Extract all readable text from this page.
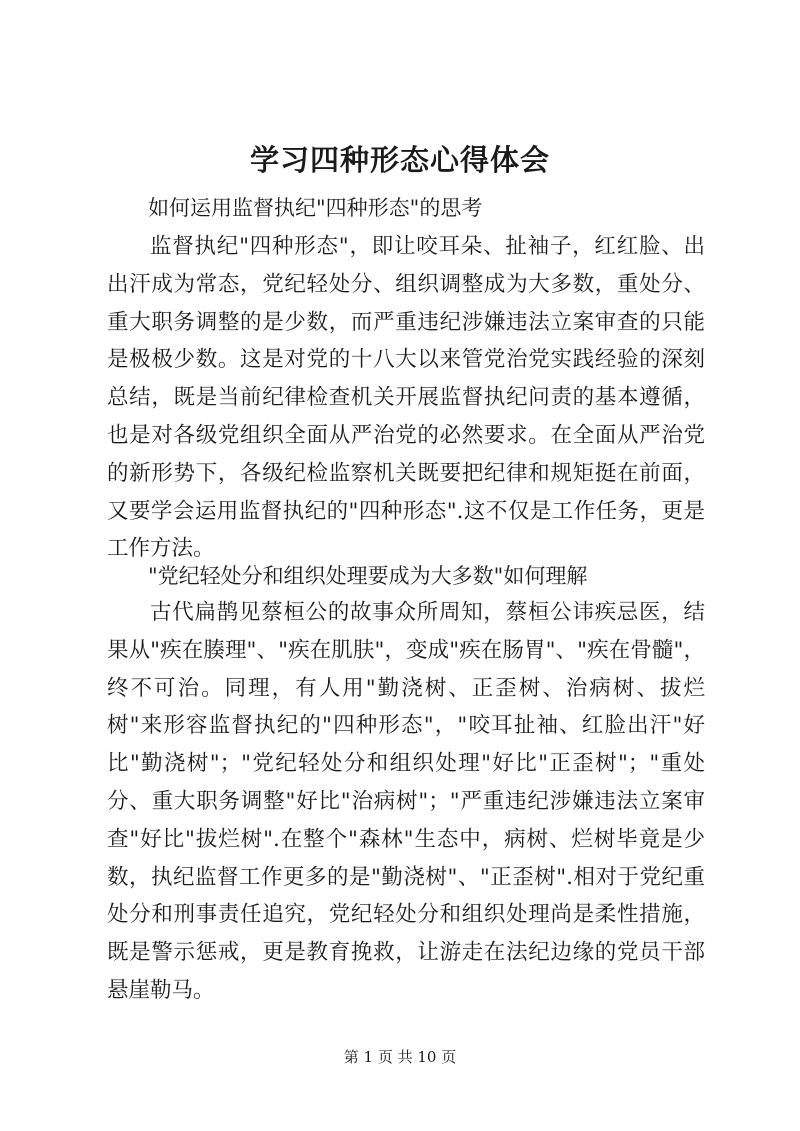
学习四种形态心得体会

如何运用监督执纪"四种形态"的思考

监督执纪"四种形态"，即让咬耳朵、扯袖子，红红脸、出出汗成为常态，党纪轻处分、组织调整成为大多数，重处分、重大职务调整的是少数，而严重违纪涉嫌违法立案审查的只能是极极少数。这是对党的十八大以来管党治党实践经验的深刻总结，既是当前纪律检查机关开展监督执纪问责的基本遵循，也是对各级党组织全面从严治党的必然要求。在全面从严治党的新形势下，各级纪检监察机关既要把纪律和规矩挺在前面，又要学会运用监督执纪的"四种形态".这不仅是工作任务，更是工作方法。

"党纪轻处分和组织处理要成为大多数"如何理解

古代扁鹊见蔡桓公的故事众所周知，蔡桓公讳疾忌医，结果从"疾在腠理"、"疾在肌肤"，变成"疾在肠胃"、"疾在骨髓"，终不可治。同理，有人用"勤浇树、正歪树、治病树、拔烂树"来形容监督执纪的"四种形态"，"咬耳扯袖、红脸出汗"好比"勤浇树"；"党纪轻处分和组织处理"好比"正歪树"；"重处分、重大职务调整"好比"治病树"；"严重违纪涉嫌违法立案审查"好比"拔烂树".在整个"森林"生态中，病树、烂树毕竟是少数，执纪监督工作更多的是"勤浇树"、"正歪树".相对于党纪重处分和刑事责任追究，党纪轻处分和组织处理尚是柔性措施，既是警示惩戒，更是教育挽救，让游走在法纪边缘的党员干部悬崖勒马。

第 1 页 共 10 页
